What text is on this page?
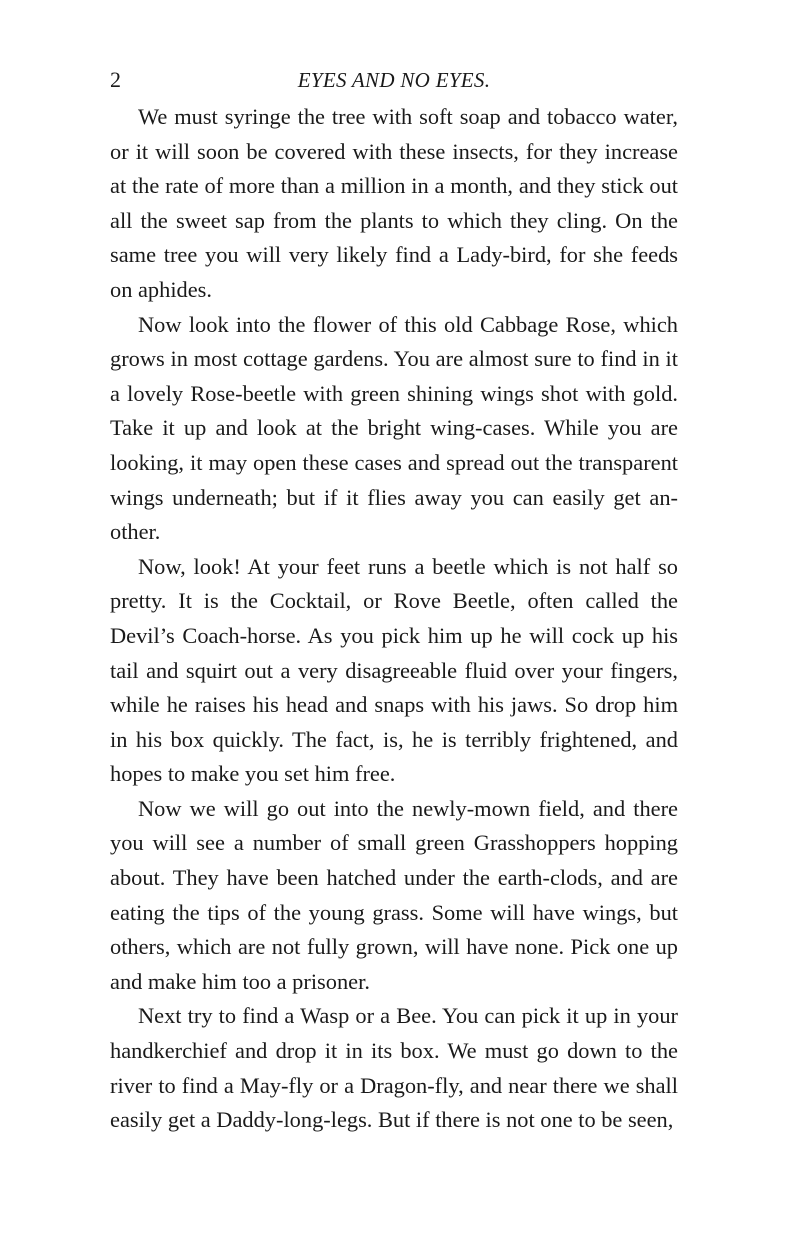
2	EYES AND NO EYES.

We must syringe the tree with soft soap and tobacco water, or it will soon be covered with these insects, for they increase at the rate of more than a million in a month, and they stick out all the sweet sap from the plants to which they cling. On the same tree you will very likely find a Lady-bird, for she feeds on aphides.

Now look into the flower of this old Cabbage Rose, which grows in most cottage gardens. You are almost sure to find in it a lovely Rose-beetle with green shining wings shot with gold. Take it up and look at the bright wing-cases. While you are looking, it may open these cases and spread out the transparent wings underneath; but if it flies away you can easily get another.

Now, look! At your feet runs a beetle which is not half so pretty. It is the Cocktail, or Rove Beetle, often called the Devil’s Coach-horse. As you pick him up he will cock up his tail and squirt out a very disagreeable fluid over your fingers, while he raises his head and snaps with his jaws. So drop him in his box quickly. The fact, is, he is terribly frightened, and hopes to make you set him free.

Now we will go out into the newly-mown field, and there you will see a number of small green Grasshoppers hopping about. They have been hatched under the earth-clods, and are eating the tips of the young grass. Some will have wings, but others, which are not fully grown, will have none. Pick one up and make him too a prisoner.

Next try to find a Wasp or a Bee. You can pick it up in your handkerchief and drop it in its box. We must go down to the river to find a May-fly or a Dragon-fly, and near there we shall easily get a Daddy-long-legs. But if there is not one to be seen,
